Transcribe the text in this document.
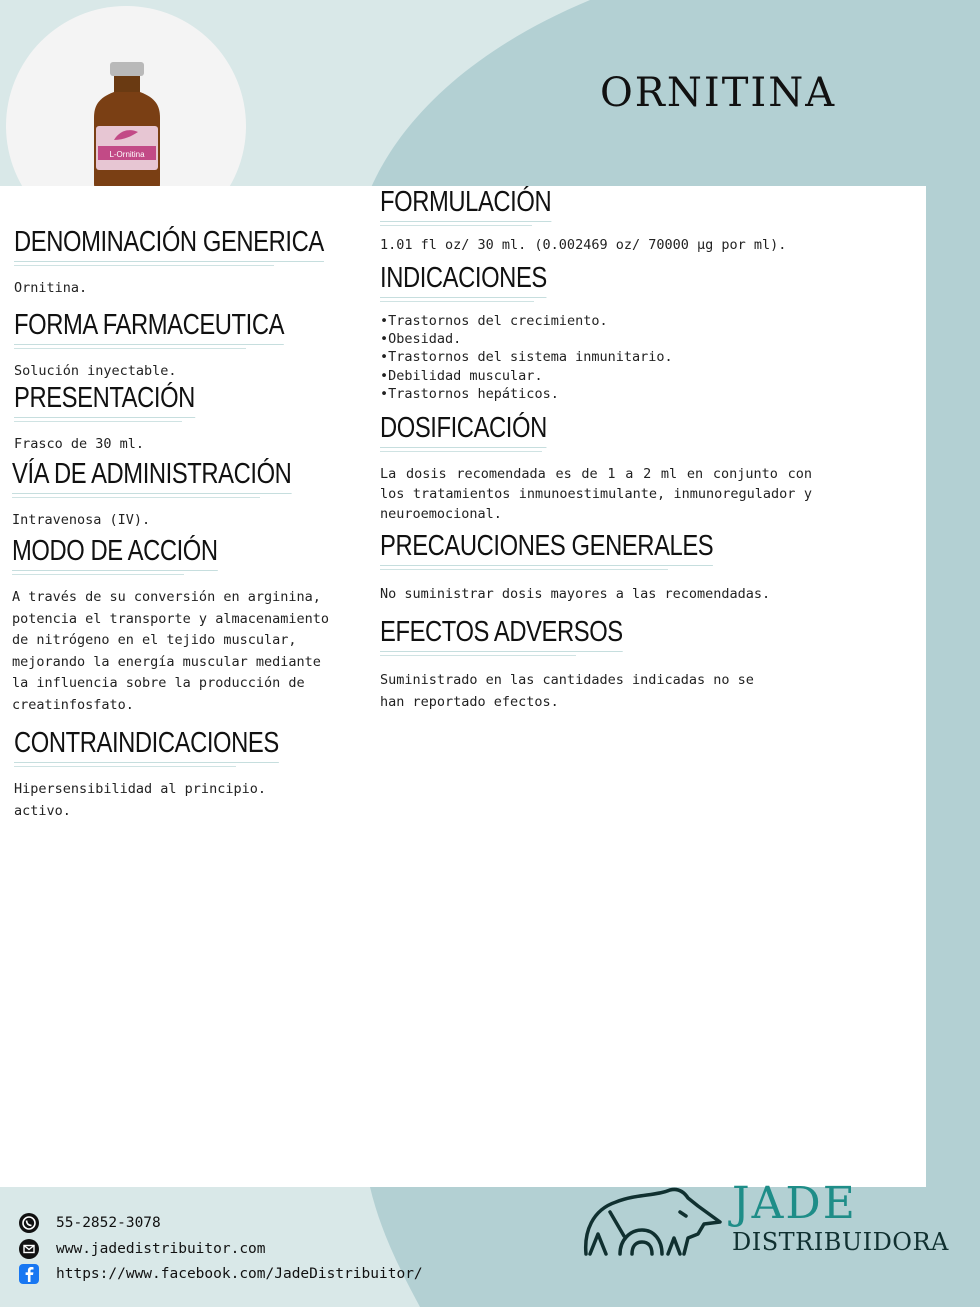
L-Ornitina
ORNITINA
DENOMINACIÓN GENERICA
Ornitina.
FORMA FARMACEUTICA
Solución inyectable.
PRESENTACIÓN
Frasco de 30 ml.
VÍA DE ADMINISTRACIÓN
Intravenosa (IV).
MODO DE ACCIÓN
A través de su conversión en arginina, potencia el transporte y almacenamiento de nitrógeno en el tejido muscular, mejorando la energía muscular mediante la influencia sobre la producción de creatinfosfato.
CONTRAINDICACIONES
Hipersensibilidad al principio. activo.
FORMULACIÓN
1.01 fl oz/ 30 ml. (0.002469 oz/ 70000 μg por ml).
INDICACIONES
• Trastornos del crecimiento.
• Obesidad.
• Trastornos del sistema inmunitario.
• Debilidad muscular.
• Trastornos hepáticos.
DOSIFICACIÓN
La dosis recomendada es de 1 a 2 ml en conjunto con los tratamientos inmunoestimulante, inmunoregulador y neuroemocional.
PRECAUCIONES GENERALES
No suministrar dosis mayores a las recomendadas.
EFECTOS ADVERSOS
Suministrado en las cantidades indicadas no se han reportado efectos.
55-2852-3078
www.jadedistribuitor.com
https://www.facebook.com/JadeDistribuitor/
JADE
DISTRIBUIDORA
